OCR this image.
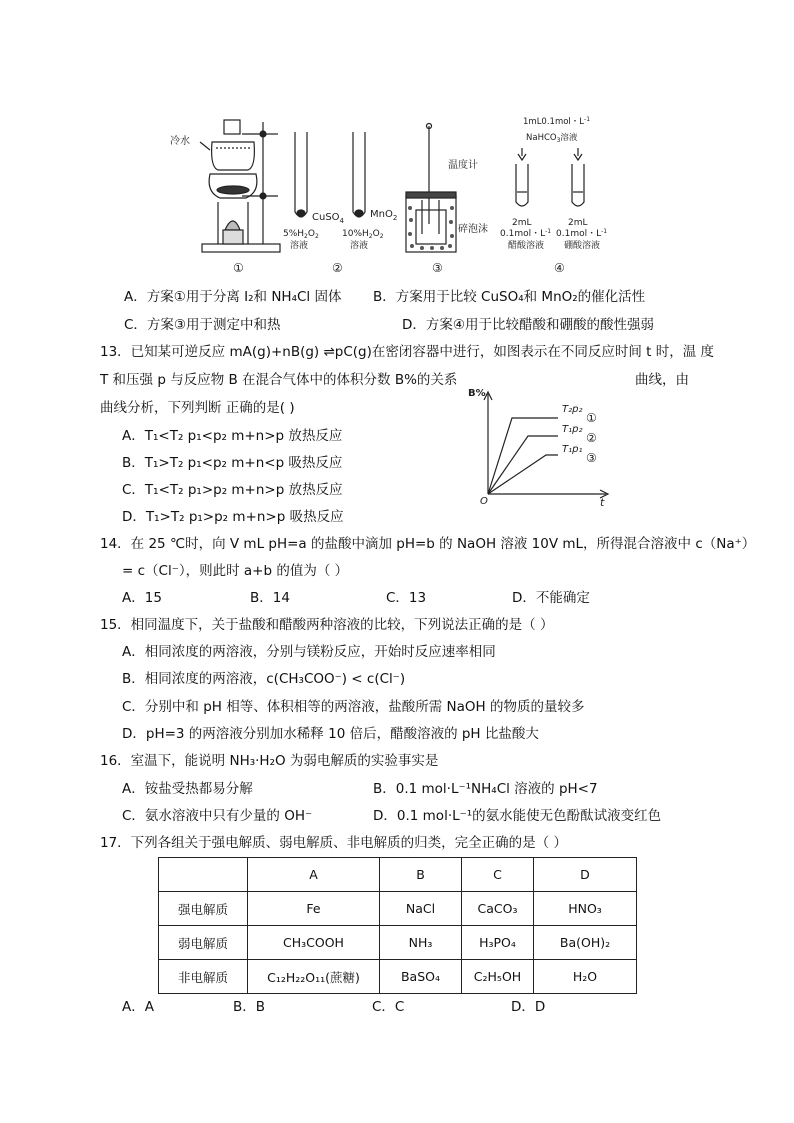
冷水
①
CuSO$_4$
MnO$_2$
$5\%H_2O_2$
溶液
$10\%H_2O_2$
溶液
②
温度计
碎泡沫
③
1mL0.1mol・$L^{-1}$
NaHCO$_3$溶液
2mL
0.1mol・$L^{-1}$
醋酸溶液
2mL
0.1mol・$L^{-1}$
硼酸溶液
④
A．方案①用于分离 I₂和 NH₄Cl 固体 B．方案用于比较 CuSO₄和 MnO₂的催化活性
C．方案③用于测定中和热	D．方案④用于比较醋酸和硼酸的酸性强弱
13．已知某可逆反应 mA(g)+nB(g) ⇌pC(g)在密闭容器中进行，如图表示在不同反应时间 t 时，温 度
T 和压强 p 与反应物 B 在混合气体中的体积分数 B%的关系	曲线，由
曲线分析，下列判断 正确的是( )
A．T₁<T₂ p₁<p₂ m+n>p 放热反应
B．T₁>T₂ p₁<p₂ m+n<p 吸热反应
C．T₁<T₂ p₁>p₂ m+n>p 放热反应
D．T₁>T₂ p₁>p₂ m+n>p 吸热反应
B%
O	t
T₂p₂
①
T₁p₂
②
T₁p₁
③
14．在 25 ℃时，向 V mL pH=a 的盐酸中滴加 pH=b 的 NaOH 溶液 10V mL，所得混合溶液中 c（Na⁺）
= c（Cl⁻），则此时 a+b 的值为（ ）
A．15	B．14	C．13	D．不能确定
15．相同温度下，关于盐酸和醋酸两种溶液的比较，下列说法正确的是（ ）
A．相同浓度的两溶液，分别与镁粉反应，开始时反应速率相同
B．相同浓度的两溶液，c(CH₃COO⁻) < c(Cl⁻)
C．分别中和 pH 相等、体积相等的两溶液，盐酸所需 NaOH 的物质的量较多
D．pH=3 的两溶液分别加水稀释 10 倍后，醋酸溶液的 pH 比盐酸大
16．室温下，能说明 NH₃·H₂O 为弱电解质的实验事实是
A．铵盐受热都易分解	B．0.1 mol·L⁻¹NH₄Cl 溶液的 pH<7
C．氨水溶液中只有少量的 OH⁻	D．0.1 mol·L⁻¹的氨水能使无色酚酞试液变红色
17．下列各组关于强电解质、弱电解质、非电解质的归类，完全正确的是（ ）
	A	B	C	D
强电解质	Fe	NaCl	CaCO₃	HNO₃
弱电解质	CH₃COOH	NH₃	H₃PO₄	Ba(OH)₂
非电解质	C₁₂H₂₂O₁₁(蔗糖)	BaSO₄	C₂H₅OH	H₂O
A．A	B．B	C．C	D．D
